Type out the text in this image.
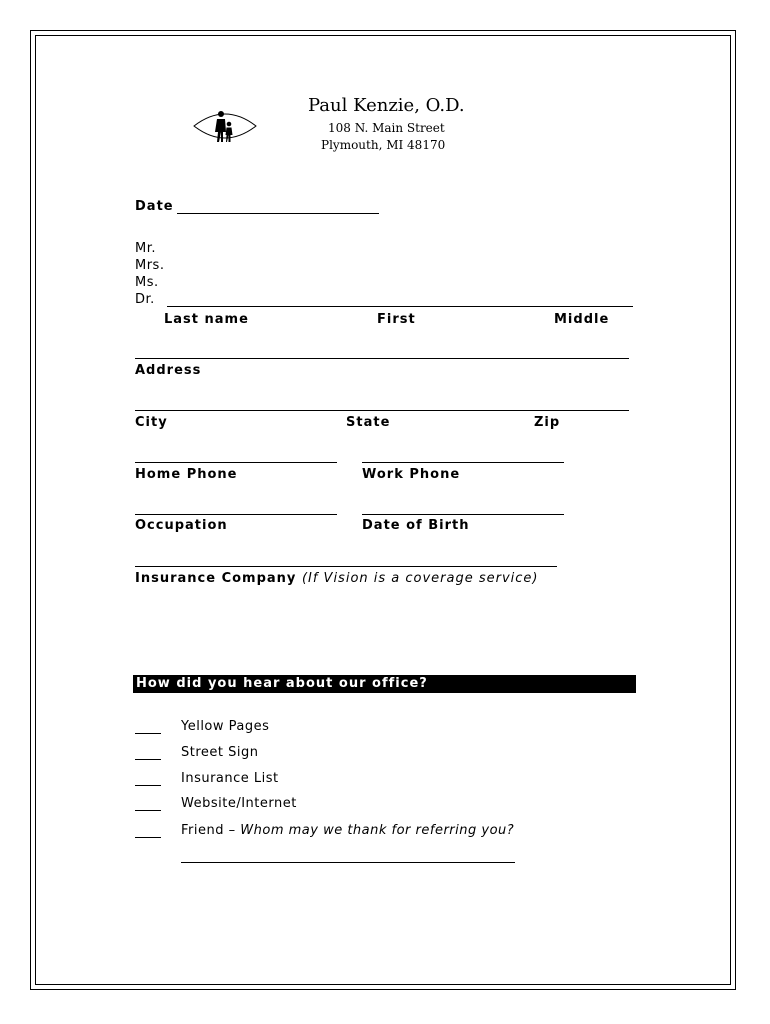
Paul Kenzie, O.D.
108 N. Main Street
Plymouth, MI 48170
Date
Mr.
Mrs.
Ms.
Dr.
Last name	First	Middle
Address
City	State	Zip
Home Phone	Work Phone
Occupation	Date of Birth
Insurance Company (If Vision is a coverage service)
How did you hear about our office?
Yellow Pages
Street Sign
Insurance List
Website/Internet
Friend – Whom may we thank for referring you?
